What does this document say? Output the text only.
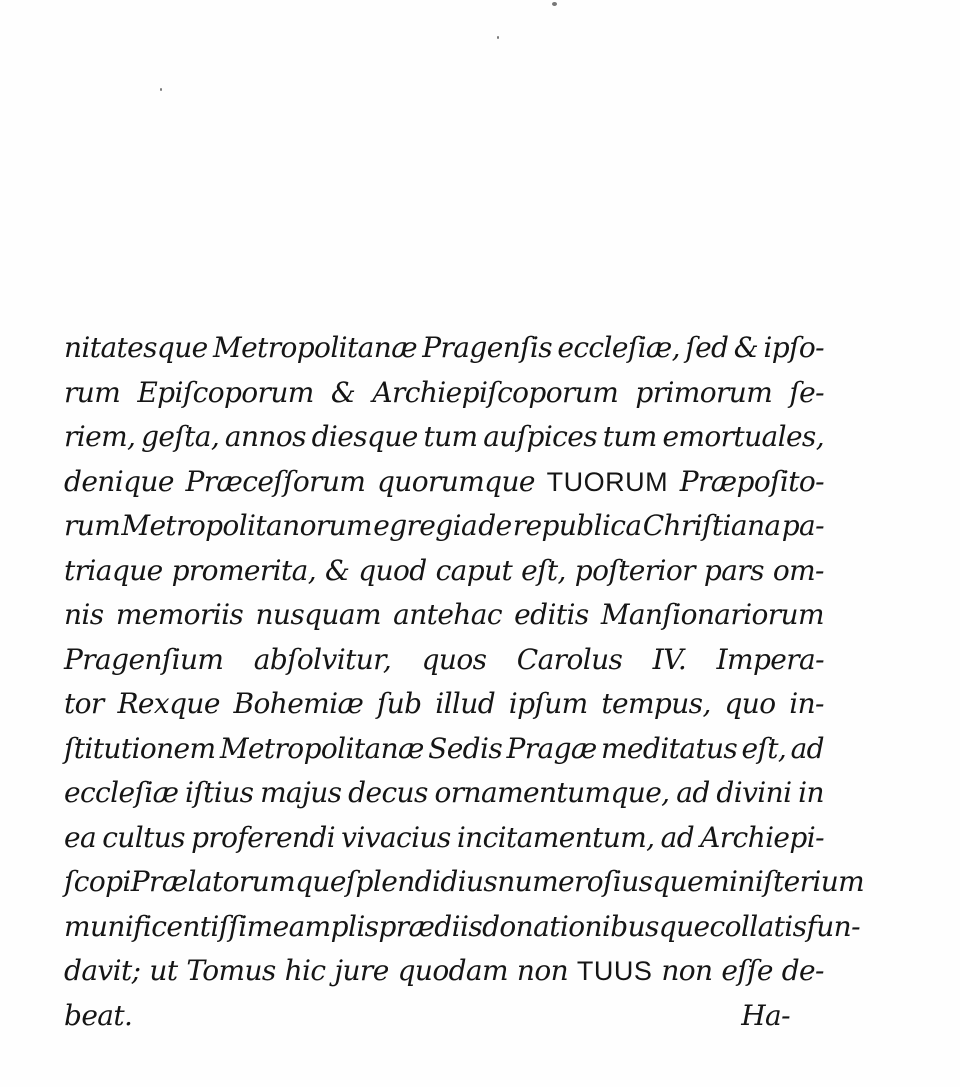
nitatesque Metropolitanæ Pragenſis eccleſiæ, ſed & ipſo-
rum Epiſcoporum & Archiepiſcoporum primorum ſe-
riem, geſta, annos diesque tum auſpices tum emortuales,
denique Præceſſorum quorumque TUORUM Præpoſito-
rum Metropolitanorum egregia de republica Chriſtiana pa-
triaque promerita, & quod caput eſt, poſterior pars om-
nis memoriis nusquam antehac editis Manſionariorum
Pragenſium abſolvitur, quos Carolus IV. Impera-
tor Rexque Bohemiæ ſub illud ipſum tempus, quo in-
ſtitutionem Metropolitanæ Sedis Pragæ meditatus eſt, ad
eccleſiæ iſtius majus decus ornamentumque, ad divini in
ea cultus proferendi vivacius incitamentum, ad Archiepi-
ſcopi Prælatorumque ſplendidius numeroſiusque miniſterium
munificentiſſime amplis prædiis donationibusque collatis fun-
davit; ut Tomus hic jure quodam non TUUS non eſſe de-
beat.	Ha-
